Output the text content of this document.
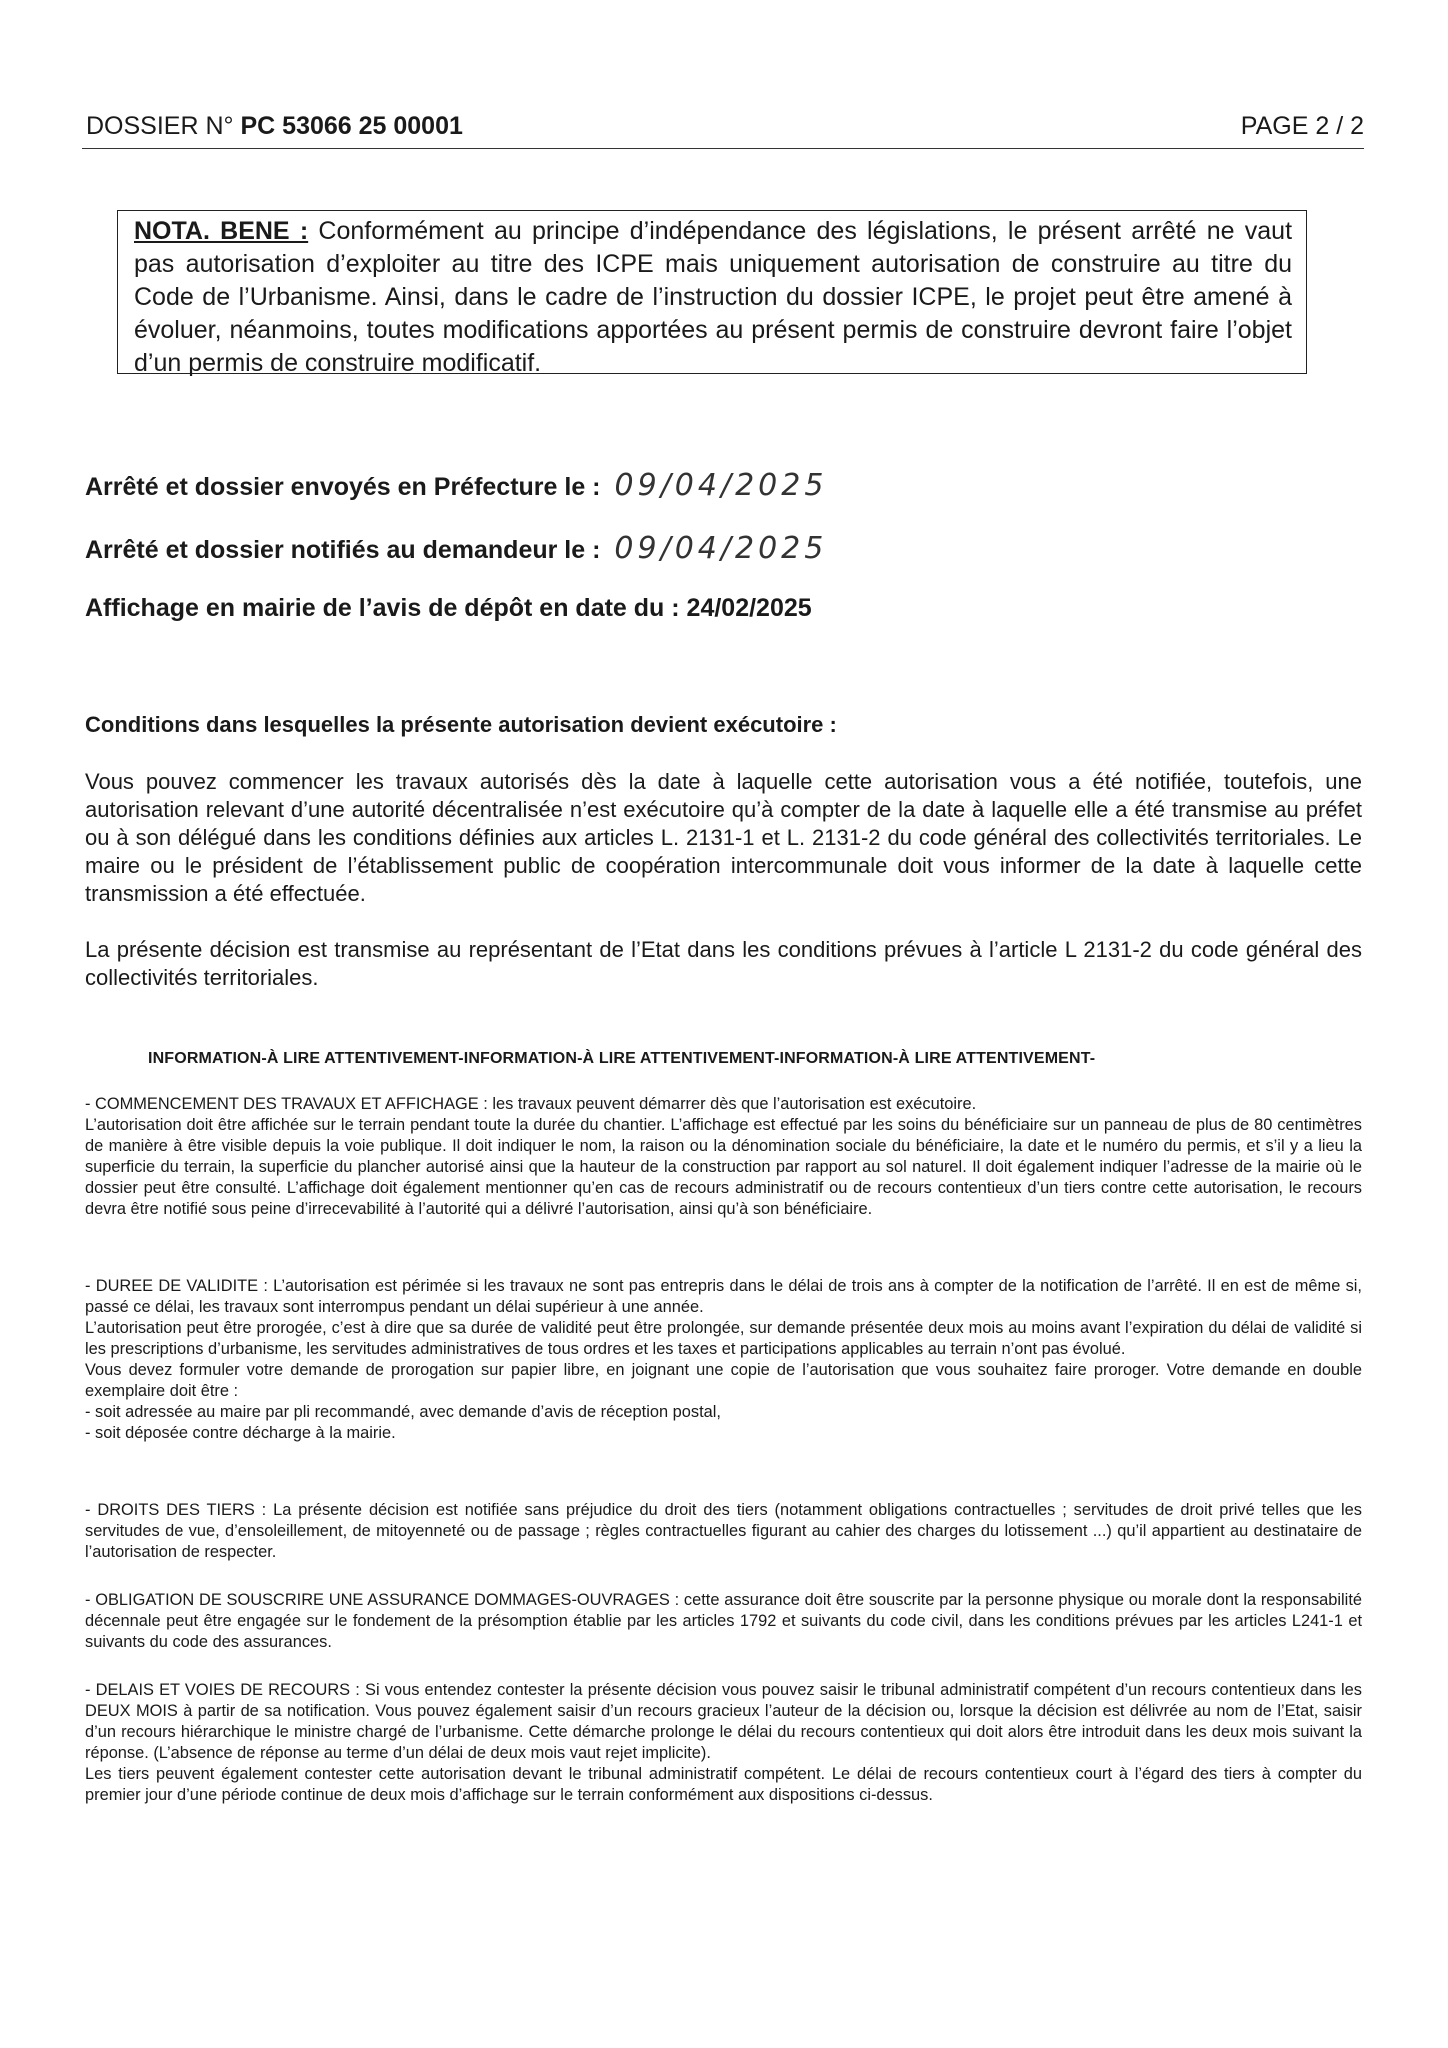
DOSSIER N° PC 53066 25 00001	PAGE 2 / 2
NOTA. BENE : Conformément au principe d’indépendance des législations, le présent arrêté ne vaut pas autorisation d’exploiter au titre des ICPE mais uniquement autorisation de construire au titre du Code de l’Urbanisme. Ainsi, dans le cadre de l’instruction du dossier ICPE, le projet peut être amené à évoluer, néanmoins, toutes modifications apportées au présent permis de construire devront faire l’objet d’un permis de construire modificatif.
Arrêté et dossier envoyés en Préfecture le : 09/04/2025
Arrêté et dossier notifiés au demandeur le : 09/04/2025
Affichage en mairie de l’avis de dépôt en date du : 24/02/2025
Conditions dans lesquelles la présente autorisation devient exécutoire :
Vous pouvez commencer les travaux autorisés dès la date à laquelle cette autorisation vous a été notifiée, toutefois, une autorisation relevant d’une autorité décentralisée n’est exécutoire qu’à compter de la date à laquelle elle a été transmise au préfet ou à son délégué dans les conditions définies aux articles L. 2131-1 et L. 2131-2 du code général des collectivités territoriales. Le maire ou le président de l’établissement public de coopération intercommunale doit vous informer de la date à laquelle cette transmission a été effectuée.
La présente décision est transmise au représentant de l’Etat dans les conditions prévues à l’article L 2131-2 du code général des collectivités territoriales.
INFORMATION-À LIRE ATTENTIVEMENT-INFORMATION-À LIRE ATTENTIVEMENT-INFORMATION-À LIRE ATTENTIVEMENT-

- COMMENCEMENT DES TRAVAUX ET AFFICHAGE : les travaux peuvent démarrer dès que l’autorisation est exécutoire.

L’autorisation doit être affichée sur le terrain pendant toute la durée du chantier. L’affichage est effectué par les soins du bénéficiaire sur un panneau de plus de 80 centimètres de manière à être visible depuis la voie publique. Il doit indiquer le nom, la raison ou la dénomination sociale du bénéficiaire, la date et le numéro du permis, et s’il y a lieu la superficie du terrain, la superficie du plancher autorisé ainsi que la hauteur de la construction par rapport au sol naturel. Il doit également indiquer l’adresse de la mairie où le dossier peut être consulté. L’affichage doit également mentionner qu’en cas de recours administratif ou de recours contentieux d’un tiers contre cette autorisation, le recours devra être notifié sous peine d’irrecevabilité à l’autorité qui a délivré l’autorisation, ainsi qu’à son bénéficiaire.

- DUREE DE VALIDITE : L’autorisation est périmée si les travaux ne sont pas entrepris dans le délai de trois ans à compter de la notification de l’arrêté. Il en est de même si, passé ce délai, les travaux sont interrompus pendant un délai supérieur à une année.

L’autorisation peut être prorogée, c’est à dire que sa durée de validité peut être prolongée, sur demande présentée deux mois au moins avant l’expiration du délai de validité si les prescriptions d’urbanisme, les servitudes administratives de tous ordres et les taxes et participations applicables au terrain n’ont pas évolué.

Vous devez formuler votre demande de prorogation sur papier libre, en joignant une copie de l’autorisation que vous souhaitez faire proroger. Votre demande en double exemplaire doit être :

- soit adressée au maire par pli recommandé, avec demande d’avis de réception postal,

- soit déposée contre décharge à la mairie.

- DROITS DES TIERS : La présente décision est notifiée sans préjudice du droit des tiers (notamment obligations contractuelles ; servitudes de droit privé telles que les servitudes de vue, d’ensoleillement, de mitoyenneté ou de passage ; règles contractuelles figurant au cahier des charges du lotissement ...) qu’il appartient au destinataire de l’autorisation de respecter.
- OBLIGATION DE SOUSCRIRE UNE ASSURANCE DOMMAGES-OUVRAGES : cette assurance doit être souscrite par la personne physique ou morale dont la responsabilité décennale peut être engagée sur le fondement de la présomption établie par les articles 1792 et suivants du code civil, dans les conditions prévues par les articles L241-1 et suivants du code des assurances.

- DELAIS ET VOIES DE RECOURS : Si vous entendez contester la présente décision vous pouvez saisir le tribunal administratif compétent d’un recours contentieux dans les DEUX MOIS à partir de sa notification. Vous pouvez également saisir d’un recours gracieux l’auteur de la décision ou, lorsque la décision est délivrée au nom de l’Etat, saisir d’un recours hiérarchique le ministre chargé de l’urbanisme. Cette démarche prolonge le délai du recours contentieux qui doit alors être introduit dans les deux mois suivant la réponse. (L’absence de réponse au terme d’un délai de deux mois vaut rejet implicite).

Les tiers peuvent également contester cette autorisation devant le tribunal administratif compétent. Le délai de recours contentieux court à l’égard des tiers à compter du premier jour d’une période continue de deux mois d’affichage sur le terrain conformément aux dispositions ci-dessus.
